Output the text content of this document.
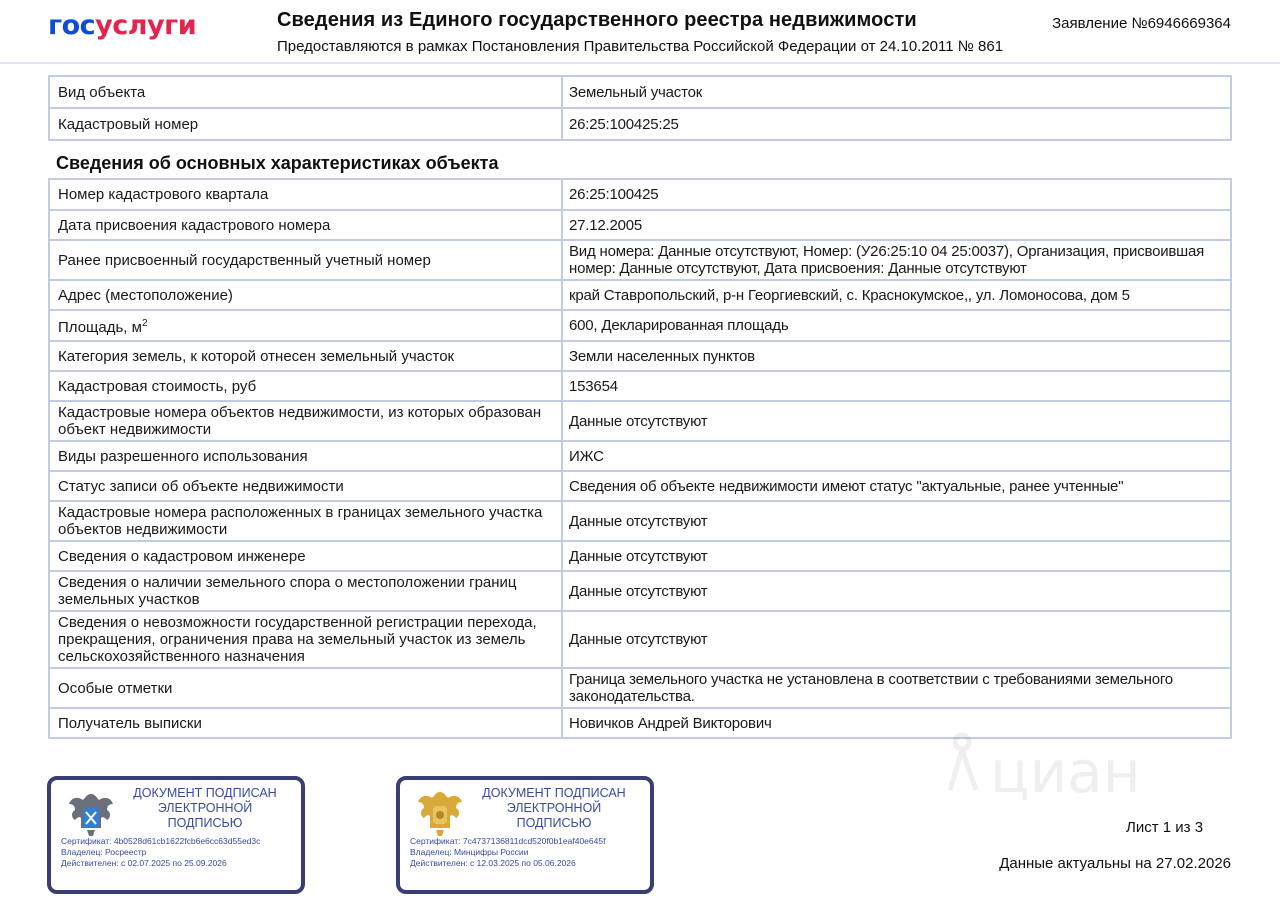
госуслуги	Сведения из Единого государственного реестра недвижимости
Предоставляются в рамках Постановления Правительства Российской Федерации от 24.10.2011 № 861
Заявление №6946669364
Вид объекта	Земельный участок
Кадастровый номер	26:25:100425:25
Сведения об основных характеристиках объекта
Номер кадастрового квартала	26:25:100425
Дата присвоения кадастрового номера	27.12.2005
Ранее присвоенный государственный учетный номер	Вид номера: Данные отсутствуют, Номер: (У26:25:10 04 25:0037), Организация, присвоившая номер: Данные отсутствуют, Дата присвоения: Данные отсутствуют
Адрес (местоположение)	край Ставропольский, р-н Георгиевский, с. Краснокумское,, ул. Ломоносова, дом 5
Площадь, $м^2$	600, Декларированная площадь
Категория земель, к которой отнесен земельный участок	Земли населенных пунктов
Кадастровая стоимость, руб	153654
Кадастровые номера объектов недвижимости, из которых образован объект недвижимости	Данные отсутствуют
Виды разрешенного использования	ИЖС
Статус записи об объекте недвижимости	Сведения об объекте недвижимости имеют статус "актуальные, ранее учтенные"
Кадастровые номера расположенных в границах земельного участка объектов недвижимости	Данные отсутствуют
Сведения о кадастровом инженере	Данные отсутствуют
Сведения о наличии земельного спора о местоположении границ земельных участков	Данные отсутствуют
Сведения о невозможности государственной регистрации перехода, прекращения, ограничения права на земельный участок из земель сельскохозяйственного назначения	Данные отсутствуют
Особые отметки	Граница земельного участка не установлена в соответствии с требованиями земельного законодательства.
Получатель выписки	Новичков Андрей Викторович
циан
ДОКУМЕНТ ПОДПИСАН
ЭЛЕКТРОННОЙ
ПОДПИСЬЮ
Сертификат: 4b0528d61cb1622fcb6e6cc63d55ed3c
Владелец: Росреестр
Действителен: с 02.07.2025 по 25.09.2026
ДОКУМЕНТ ПОДПИСАН
ЭЛЕКТРОННОЙ
ПОДПИСЬЮ
Сертификат: 7c4737136811dcd520f0b1eaf40e645f
Владелец: Минцифры России
Действителен: с 12.03.2025 по 05.06.2026
Лист 1 из 3
Данные актуальны на 27.02.2026
